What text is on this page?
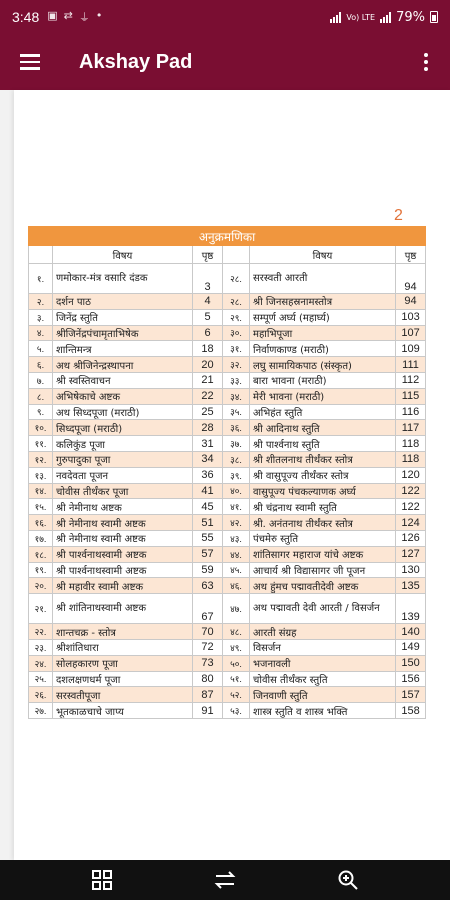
3:48 ▣ ⇄ ⏚ •	Vo) LTE 79%
Akshay Pad
2
अनुक्रमणिका					
	विषय	पृष्ठ		विषय	पृष्ठ
१.	णमोकार-मंत्र वसारि दंडक	3	२८.	सरस्वती आरती	94
२.	दर्शन पाठ	4	२८.	श्री जिनसहस्रनामस्तोत्र	94
३.	जिनेंद्र स्तुति	5	२९.	सम्पूर्ण अर्घ्य (महार्घ्य)	103
४.	श्रीजिनेंद्रपंचामृताभिषेक	6	३०.	महाभिपूजा	107
५.	शान्तिमन्त्र	18	३१.	निर्वाणकाण्ड (मराठी)	109
६.	अथ श्रीजिनेन्द्रस्थापना	20	३२.	लघु सामायिकपाठ (संस्कृत)	111
७.	श्री स्वस्तिवाचन	21	३३.	बारा भावना (मराठी)	112
८.	अभिषेकाचे अष्टक	22	३४.	मेरी भावना (मराठी)	115
९.	अथ सिध्दपूजा (मराठी)	25	३५.	अभिहंत स्तुति	116
१०.	सिध्दपूजा (मराठी)	28	३६.	श्री आदिनाथ स्तुति	117
११.	कलिकुंड पूजा	31	३७.	श्री पार्श्वनाथ स्तुति	118
१२.	गुरुपादुका पूजा	34	३८.	श्री शीतलनाथ तीर्थंकर स्तोत्र	118
१३.	नवदेवता पूजन	36	३९.	श्री वासुपूज्य तीर्थंकर स्तोत्र	120
१४.	चोवीस तीर्थंकर पूजा	41	४०.	वासुपूज्य पंचकल्याणक अर्घ्य	122
१५.	श्री नेमीनाथ अष्टक	45	४१.	श्री चंद्रनाथ स्वामी स्तुति	122
१६.	श्री नेमीनाथ स्वामी अष्टक	51	४२.	श्री. अनंतनाथ तीर्थंकर स्तोत्र	124
१७.	श्री नेमीनाथ स्वामी अष्टक	55	४३.	पंचमेरु स्तुति	126
१८.	श्री पार्श्वनाथस्वामी अष्टक	57	४४.	शांतिसागर महाराज यांचे अष्टक	127
१९.	श्री पार्श्वनाथस्वामी अष्टक	59	४५.	आचार्य श्री विद्यासागर जी पूजन	130
२०.	श्री महावीर स्वामी अष्टक	63	४६.	अथ हुंमच पद्मावतीदेवी अष्टक	135
२१.	श्री शांतिनाथस्वामी अष्टक	67	४७.	अथ पद्मावती देवी आरती / विसर्जन	139
२२.	शान्तचक्र - स्तोत्र	70	४८.	आरती संग्रह	140
२३.	श्रीशांतिधारा	72	४९.	विसर्जन	149
२४.	सोलहकारण पूजा	73	५०.	भजनावली	150
२५.	दशलक्षणधर्म पूजा	80	५१.	चोवीस तीर्थंकर स्तुति	156
२६.	सरस्वतीपूजा	87	५२.	जिनवाणी स्तुति	157
२७.	भूतकाळचाचे जाप्य	91	५३.	शास्त्र स्तुति व शास्त्र भक्ति	158
